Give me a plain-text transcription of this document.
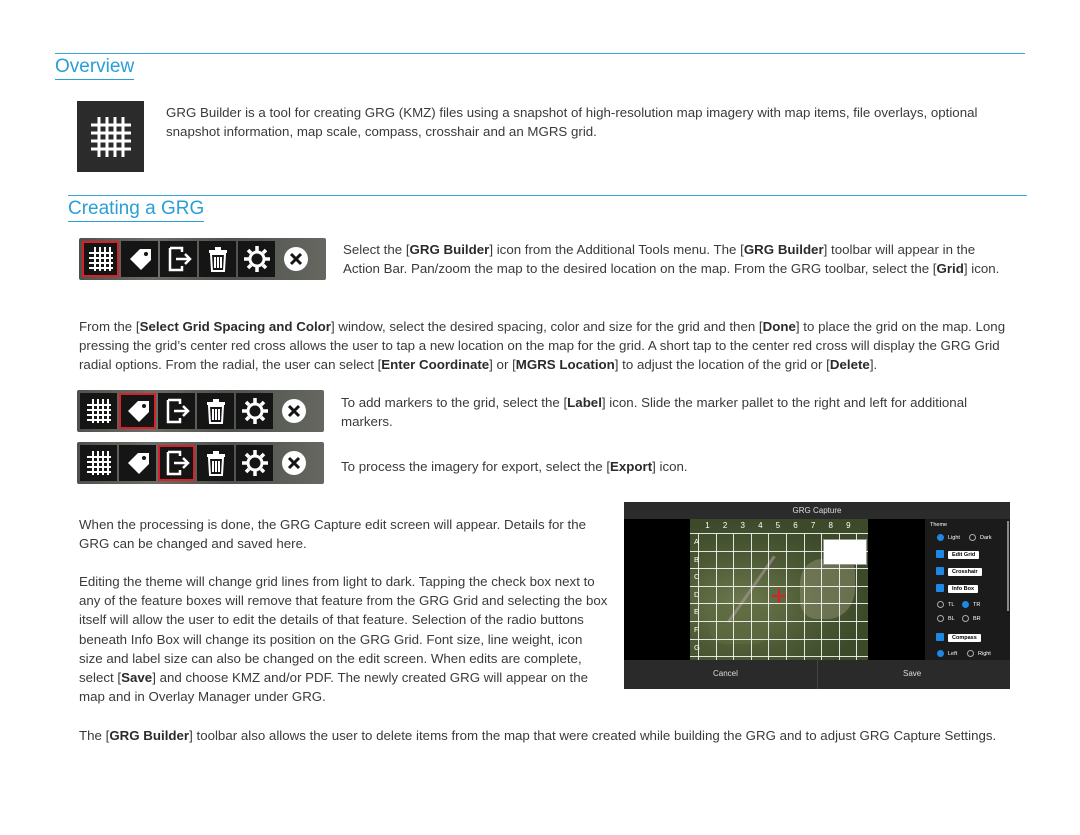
Overview

GRG Builder is a tool for creating GRG (KMZ) files using a snapshot of high-resolution map imagery with map items, file overlays, optional snapshot information, map scale, compass, crosshair and an MGRS grid.

Creating a GRG

Select the [GRG Builder] icon from the Additional Tools menu. The [GRG Builder] toolbar will appear in the Action Bar. Pan/zoom the map to the desired location on the map. From the GRG toolbar, select the [Grid] icon.

From the [Select Grid Spacing and Color] window, select the desired spacing, color and size for the grid and then [Done] to place the grid on the map. Long pressing the grid’s center red cross allows the user to tap a new location on the map for the grid. A short tap to the center red cross will display the GRG Grid radial options. From the radial, the user can select [Enter Coordinate] or [MGRS Location] to adjust the location of the grid or [Delete].

To add markers to the grid, select the [Label] icon. Slide the marker pallet to the right and left for additional markers.

To process the imagery for export, select the [Export] icon.

When the processing is done, the GRG Capture edit screen will appear. Details for the GRG can be changed and saved here.

Editing the theme will change grid lines from light to dark. Tapping the check box next to any of the feature boxes will remove that feature from the GRG Grid and selecting the box itself will allow the user to edit the details of that feature. Selection of the radio buttons beneath Info Box will change its position on the GRG Grid. Font size, line weight, icon size and label size can also be changed on the edit screen. When edits are complete, select [Save] and choose KMZ and/or PDF. The newly created GRG will appear on the map and in Overlay Manager under GRG.

GRG Capture
1	2	3	4	5	6	7	8	9
A
B
C
D
E
F
G
Theme
Light	Dark
Edit Grid
Crosshair
Info Box
TL	TR
BL	BR
Compass
Left	Right
Cancel	Save

The [GRG Builder] toolbar also allows the user to delete items from the map that were created while building the GRG and to adjust GRG Capture Settings.
